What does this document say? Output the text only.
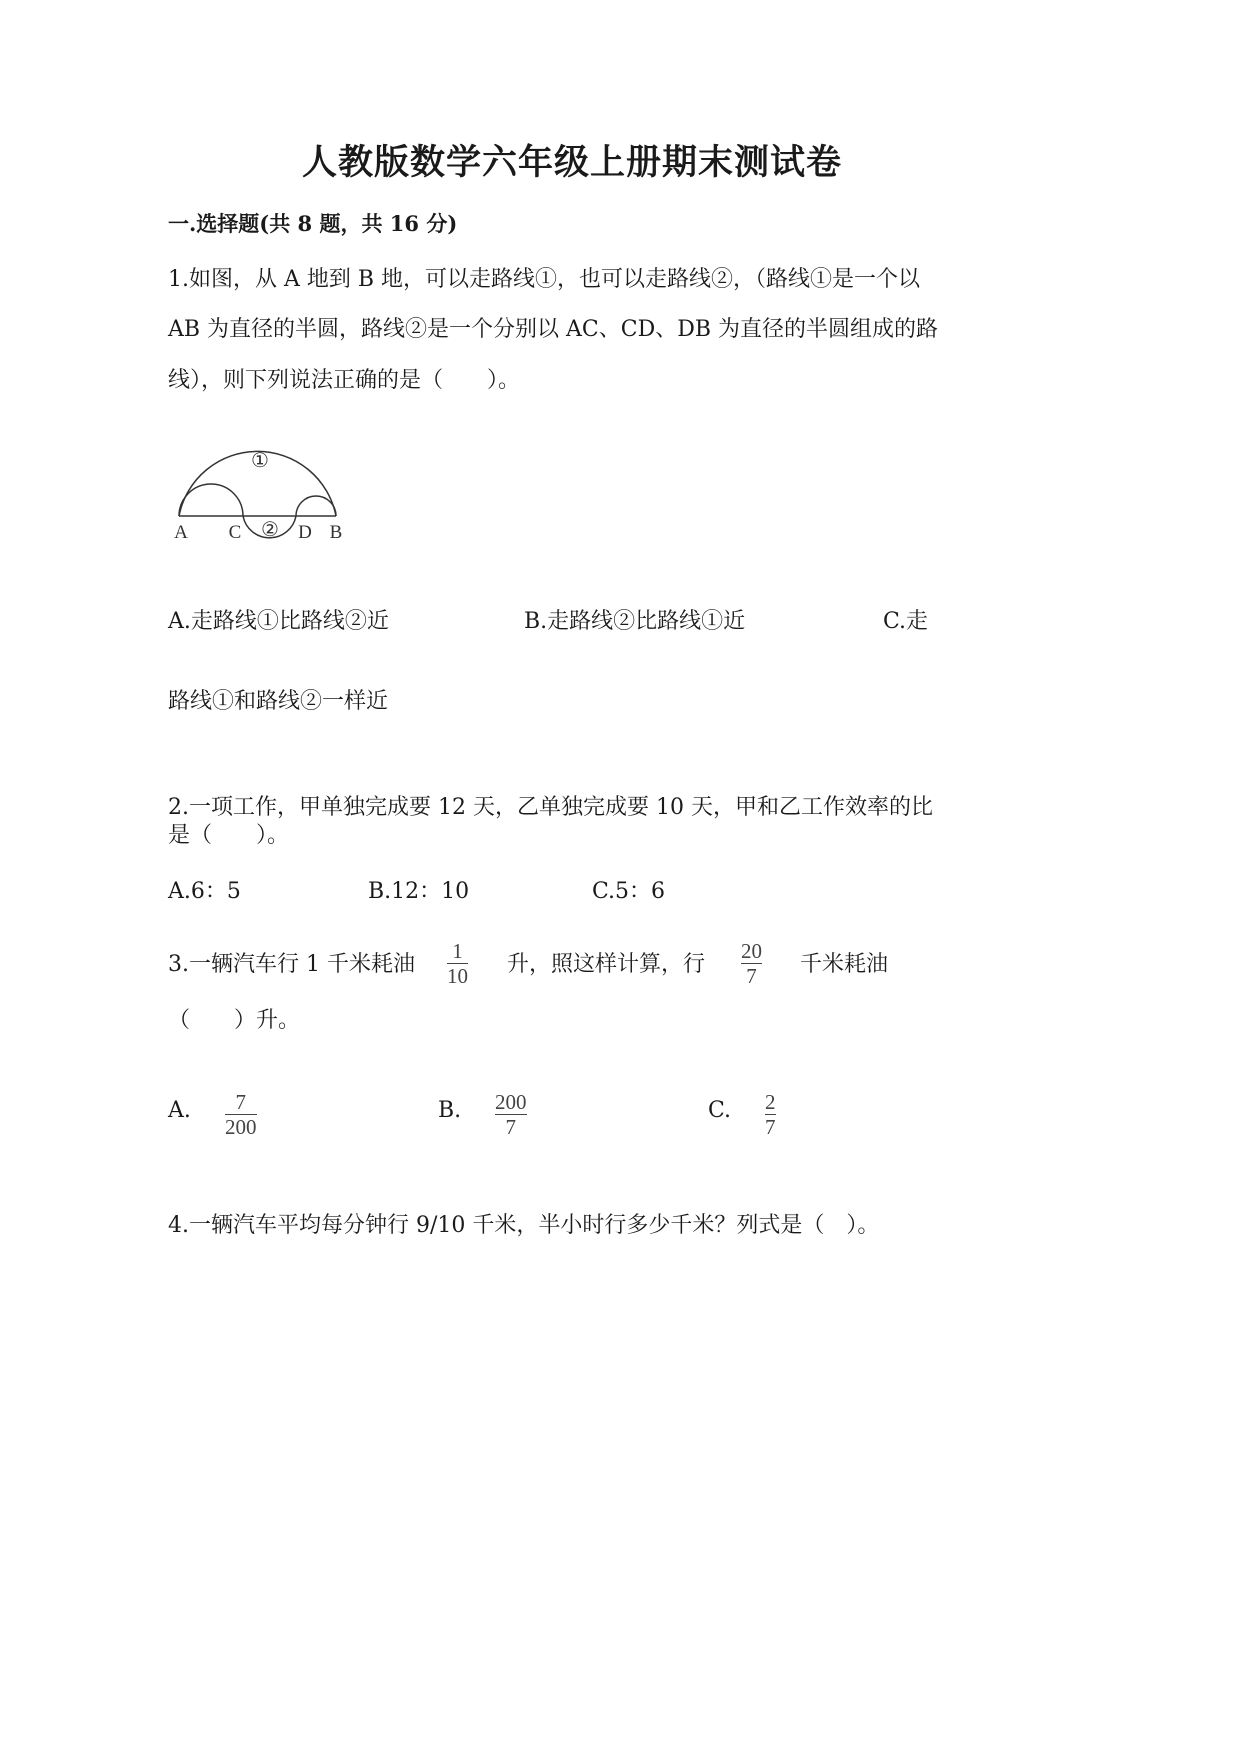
人教版数学六年级上册期末测试卷
一.选择题(共 8 题，共 16 分)
1.如图，从 A 地到 B 地，可以走路线①，也可以走路线②，（路线①是一个以
AB 为直径的半圆，路线②是一个分别以 AC、CD、DB 为直径的半圆组成的路
线），则下列说法正确的是（　　）。
①
②
A C	D B
A.走路线①比路线②近	B.走路线②比路线①近	C.走
路线①和路线②一样近
2.一项工作，甲单独完成要 12 天，乙单独完成要 10 天，甲和乙工作效率的比
是（　　）。
A.6：5	B.12：10	C.5：6
3.一辆汽车行 1 千米耗油
1
10 升，照这样计算，行
20
7 千米耗油
（　　）升。
A. 7
200
B. 200
7
C. 2
7
4.一辆汽车平均每分钟行 9/10 千米，半小时行多少千米？列式是（　）。
